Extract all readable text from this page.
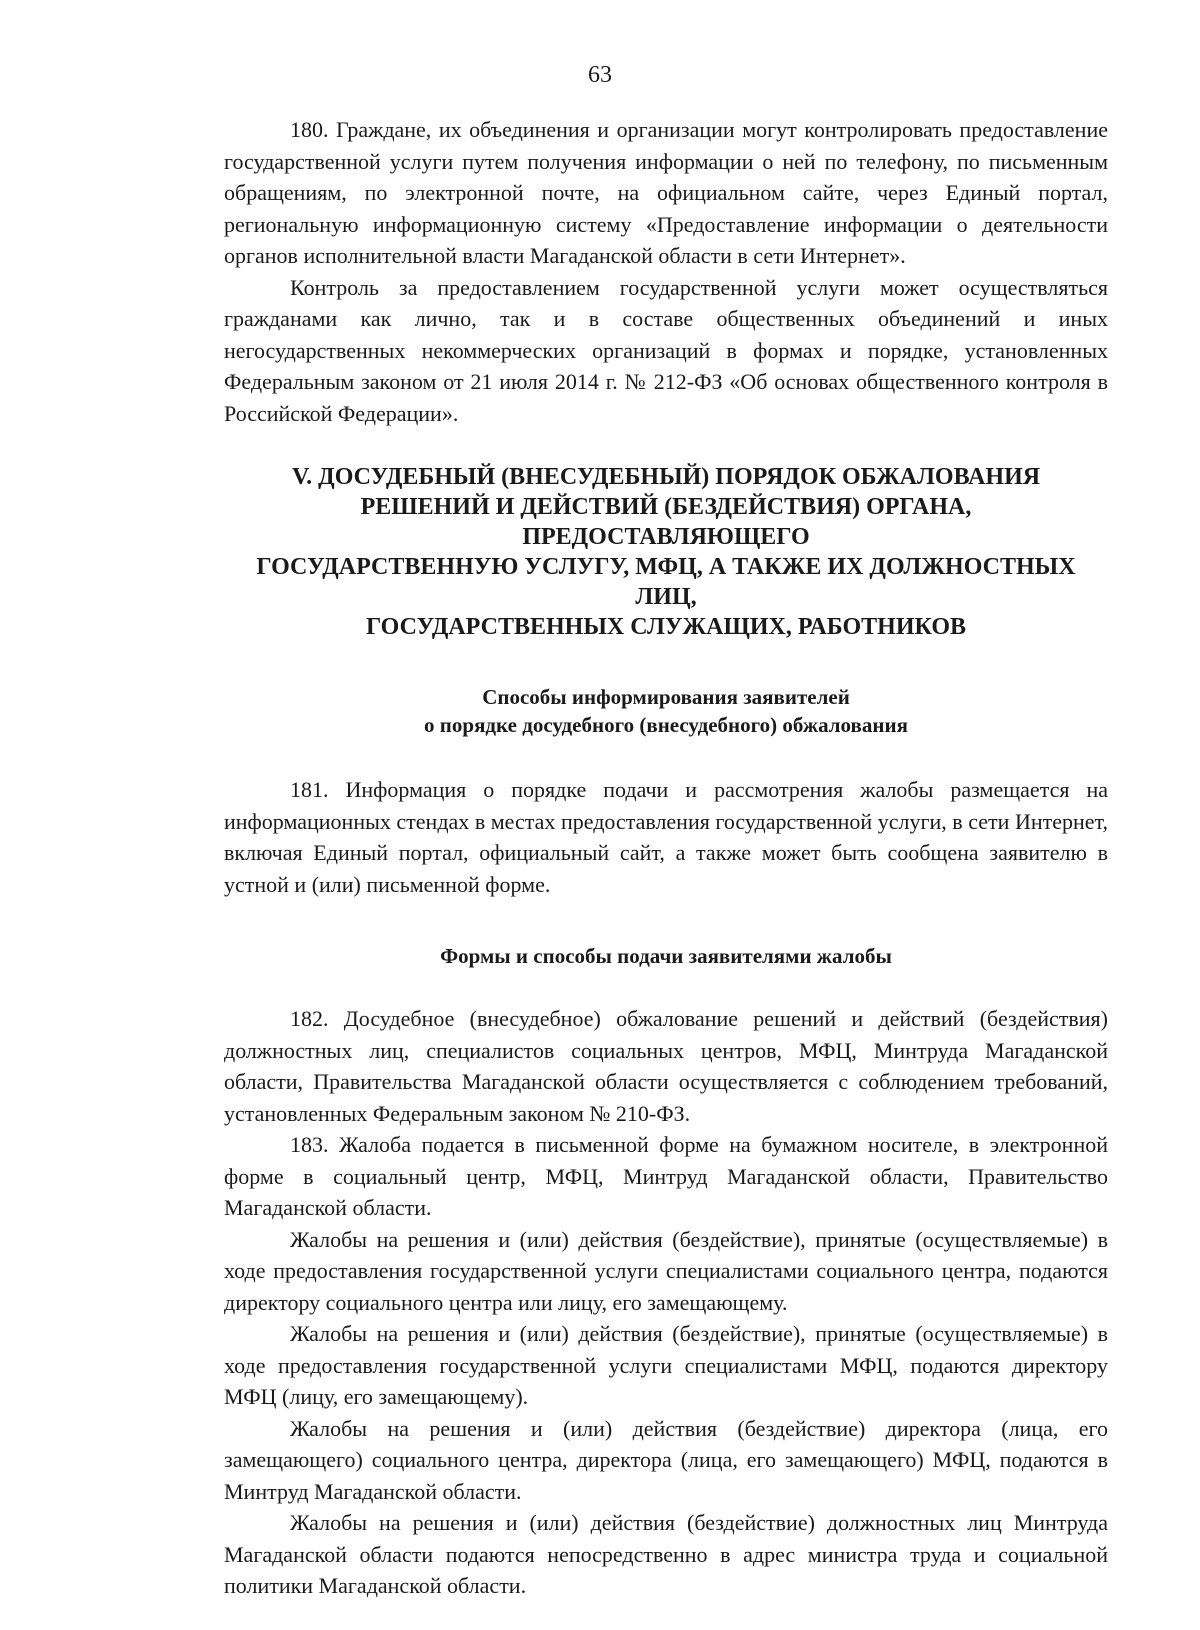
63

180. Граждане, их объединения и организации могут контролировать предоставление государственной услуги путем получения информации о ней по телефону, по письменным обращениям, по электронной почте, на официальном сайте, через Единый портал, региональную информационную систему «Предоставление информации о деятельности органов исполнительной власти Магаданской области в сети Интернет».

Контроль за предоставлением государственной услуги может осуществляться гражданами как лично, так и в составе общественных объединений и иных негосударственных некоммерческих организаций в формах и порядке, установленных Федеральным законом от 21 июля 2014 г. № 212-ФЗ «Об основах общественного контроля в Российской Федерации».

V. ДОСУДЕБНЫЙ (ВНЕСУДЕБНЫЙ) ПОРЯДОК ОБЖАЛОВАНИЯ
РЕШЕНИЙ И ДЕЙСТВИЙ (БЕЗДЕЙСТВИЯ) ОРГАНА, ПРЕДОСТАВЛЯЮЩЕГО
ГОСУДАРСТВЕННУЮ УСЛУГУ, МФЦ, А ТАКЖЕ ИХ ДОЛЖНОСТНЫХ ЛИЦ,
ГОСУДАРСТВЕННЫХ СЛУЖАЩИХ, РАБОТНИКОВ
Способы информирования заявителей
о порядке досудебного (внесудебного) обжалования

181. Информация о порядке подачи и рассмотрения жалобы размещается на информационных стендах в местах предоставления государственной услуги, в сети Интернет, включая Единый портал, официальный сайт, а также может быть сообщена заявителю в устной и (или) письменной форме.

Формы и способы подачи заявителями жалобы

182. Досудебное (внесудебное) обжалование решений и действий (бездействия) должностных лиц, специалистов социальных центров, МФЦ, Минтруда Магаданской области, Правительства Магаданской области осуществляется с соблюдением требований, установленных Федеральным законом № 210-ФЗ.

183. Жалоба подается в письменной форме на бумажном носителе, в электронной форме в социальный центр, МФЦ, Минтруд Магаданской области, Правительство Магаданской области.

Жалобы на решения и (или) действия (бездействие), принятые (осуществляемые) в ходе предоставления государственной услуги специалистами социального центра, подаются директору социального центра или лицу, его замещающему.

Жалобы на решения и (или) действия (бездействие), принятые (осуществляемые) в ходе предоставления государственной услуги специалистами МФЦ, подаются директору МФЦ (лицу, его замещающему).

Жалобы на решения и (или) действия (бездействие) директора (лица, его замещающего) социального центра, директора (лица, его замещающего) МФЦ, подаются в Минтруд Магаданской области.

Жалобы на решения и (или) действия (бездействие) должностных лиц Минтруда Магаданской области подаются непосредственно в адрес министра труда и социальной политики Магаданской области.
